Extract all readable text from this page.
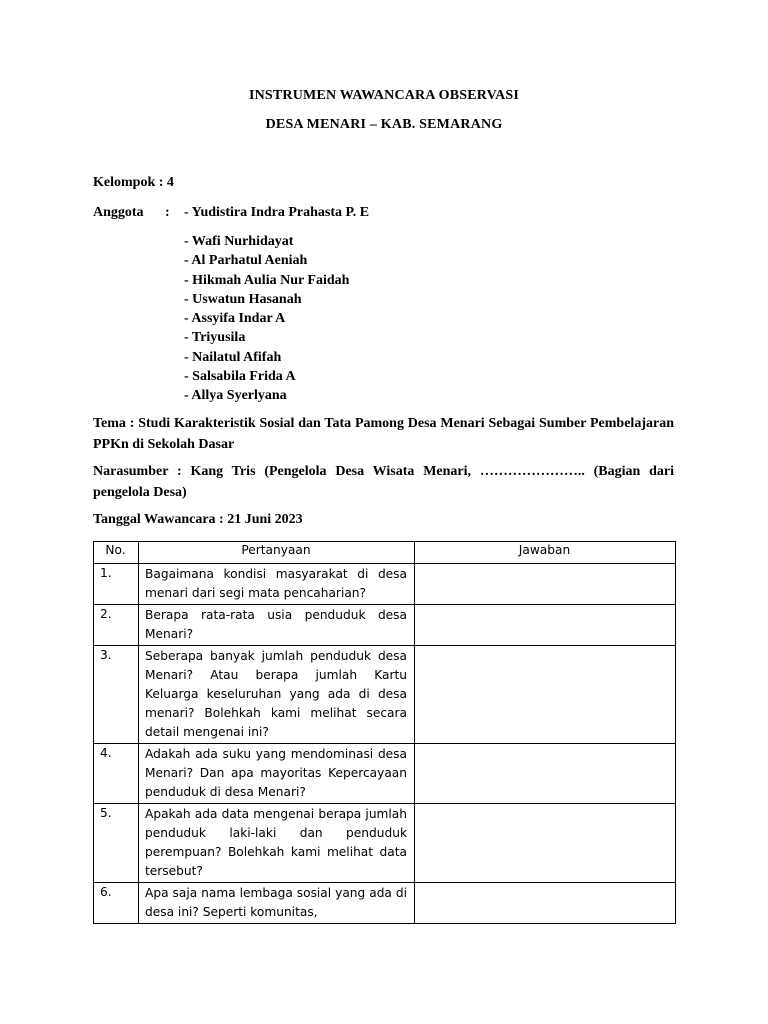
INSTRUMEN WAWANCARA OBSERVASI
DESA MENARI – KAB. SEMARANG
Kelompok : 4
Anggota : - Yudistira Indra Prahasta P. E
- Wafi Nurhidayat
- Al Parhatul Aeniah
- Hikmah Aulia Nur Faidah
- Uswatun Hasanah
- Assyifa Indar A
- Triyusila
- Nailatul Afifah
- Salsabila Frida A
- Allya Syerlyana
Tema : Studi Karakteristik Sosial dan Tata Pamong Desa Menari Sebagai Sumber Pembelajaran PPKn di Sekolah Dasar
Narasumber : Kang Tris (Pengelola Desa Wisata Menari, ………………….. (Bagian dari pengelola Desa)
Tanggal Wawancara : 21 Juni 2023
No.	Pertanyaan	Jawaban
1.	Bagaimana kondisi masyarakat di desa menari dari segi mata pencaharian?	
2.	Berapa rata-rata usia penduduk desa Menari?	
3.	Seberapa banyak jumlah penduduk desa Menari? Atau berapa jumlah Kartu Keluarga keseluruhan yang ada di desa menari? Bolehkah kami melihat secara detail mengenai ini?	
4.	Adakah ada suku yang mendominasi desa Menari? Dan apa mayoritas Kepercayaan penduduk di desa Menari?	
5.	Apakah ada data mengenai berapa jumlah penduduk laki-laki dan penduduk perempuan? Bolehkah kami melihat data tersebut?	
6.	Apa saja nama lembaga sosial yang ada di desa ini? Seperti komunitas,	
